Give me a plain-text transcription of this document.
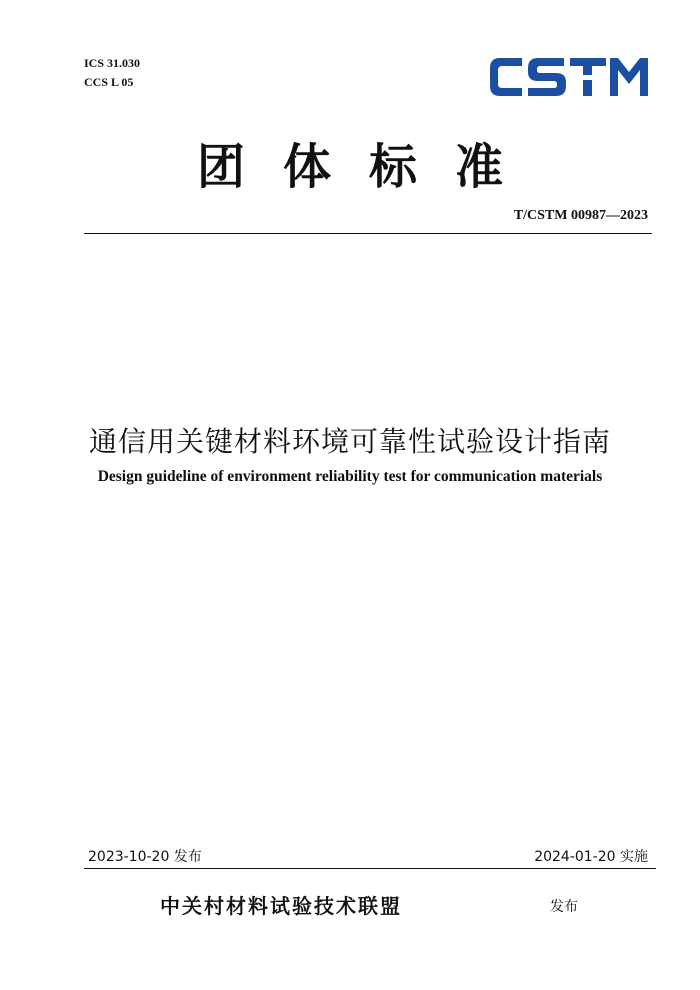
ICS 31.030
CCS L 05
团体标准
T/CSTM 00987—2023
通信用关键材料环境可靠性试验设计指南
Design guideline of environment reliability test for communication materials
2023-10-20 发布	2024-01-20 实施
中关村材料试验技术联盟	发布
